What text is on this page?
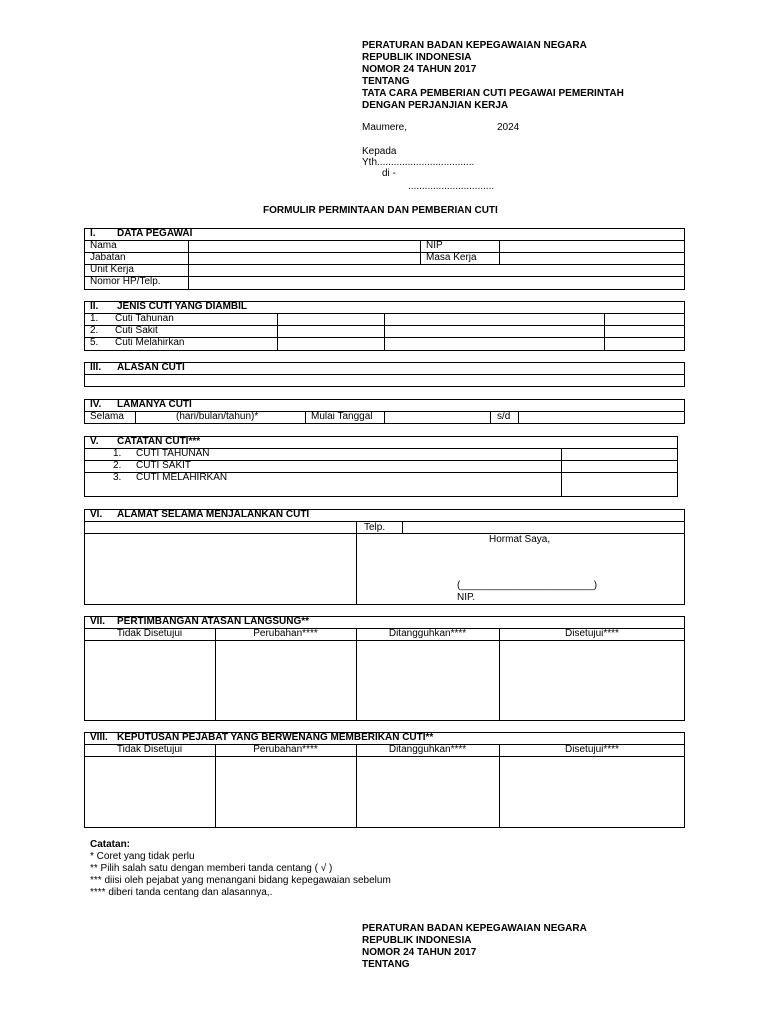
PERATURAN BADAN KEPEGAWAIAN NEGARA
REPUBLIK INDONESIA
NOMOR 24 TAHUN 2017
TENTANG
TATA CARA PEMBERIAN CUTI PEGAWAI PEMERINTAH
DENGAN PERJANJIAN KERJA
Maumere,	2024
Kepada
Yth...................................
di -
...............................
FORMULIR PERMINTAAN DAN PEMBERIAN CUTI
I. DATA PEGAWAI
Nama	NIP
Jabatan	Masa Kerja
Unit Kerja
Nomor HP/Telp.
II. JENIS CUTI YANG DIAMBIL
1. Cuti Tahunan
2. Cuti Sakit
5. Cuti Melahirkan
III. ALASAN CUTI
IV. LAMANYA CUTI
Selama	(hari/bulan/tahun)*	Mulai Tanggal	s/d
V. CATATAN CUTI***
1. CUTI TAHUNAN
2. CUTI SAKIT
3. CUTI MELAHIRKAN
VI. ALAMAT SELAMA MENJALANKAN CUTI
Telp.
Hormat Saya,
(________________________)
NIP.
VII. PERTIMBANGAN ATASAN LANGSUNG**
Tidak Disetujui	Perubahan****	Ditangguhkan****	Disetujui****
VIII. KEPUTUSAN PEJABAT YANG BERWENANG MEMBERIKAN CUTI**
Tidak Disetujui	Perubahan****	Ditangguhkan****	Disetujui****
Catatan:
* Coret yang tidak perlu
** Pilih salah satu dengan memberi tanda centang ( √ )
*** diisi oleh pejabat yang menangani bidang kepegawaian sebelum
**** diberi tanda centang dan alasannya,.
PERATURAN BADAN KEPEGAWAIAN NEGARA
REPUBLIK INDONESIA
NOMOR 24 TAHUN 2017
TENTANG
